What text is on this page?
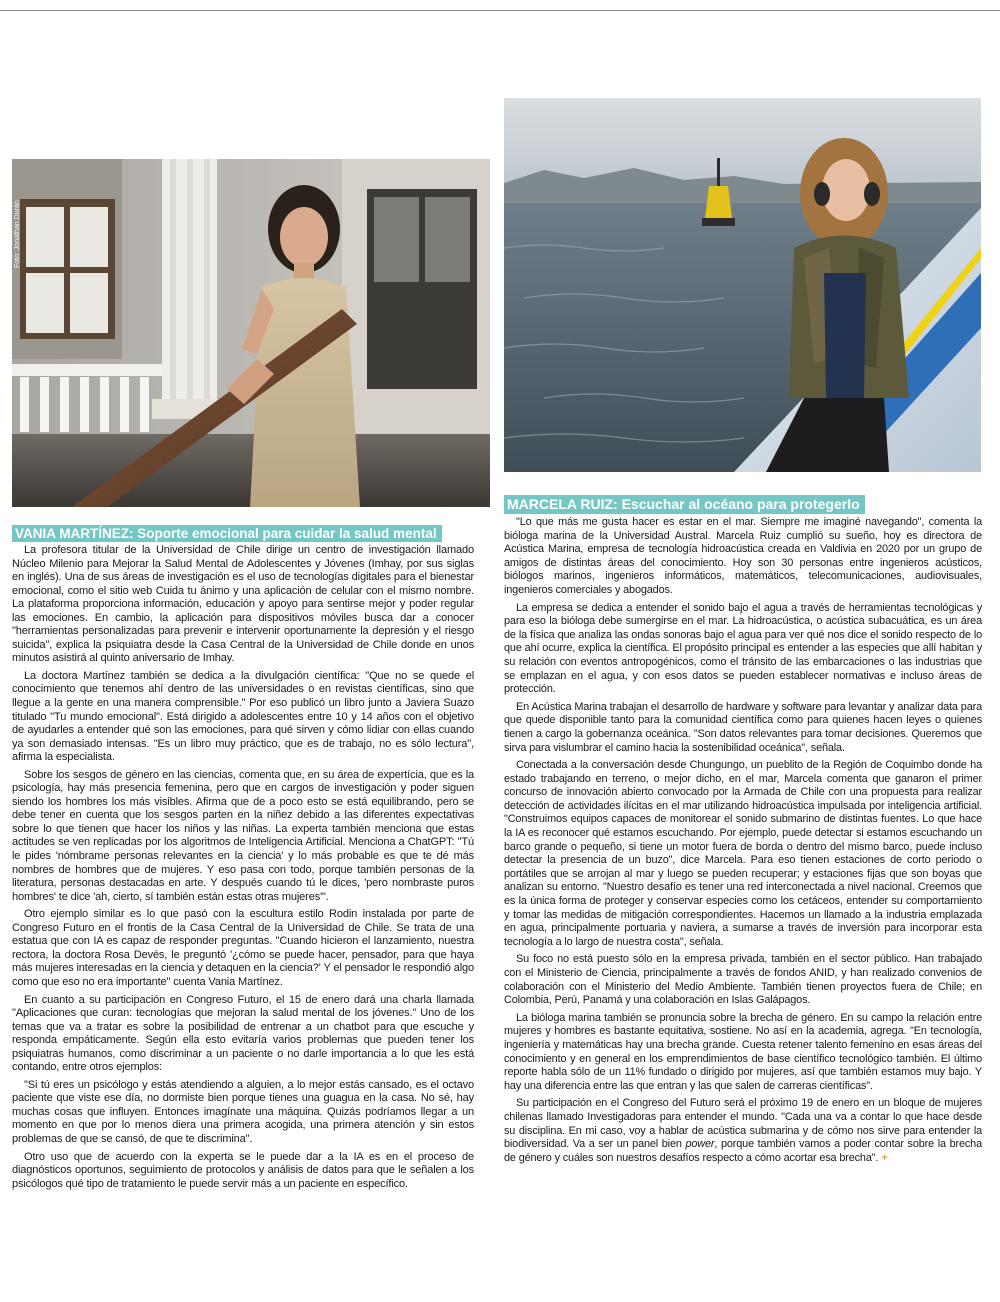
Foto: Jonathan Durán
VANIA MARTÍNEZ: Soporte emocional para cuidar la salud mental

La profesora titular de la Universidad de Chile dirige un centro de investigación llamado Núcleo Milenio para Mejorar la Salud Mental de Adolescentes y Jóvenes (Imhay, por sus siglas en inglés). Una de sus áreas de investigación es el uso de tecnologías digitales para el bienestar emocional, como el sitio web Cuida tu ánimo y una aplicación de celular con el mismo nombre. La plataforma proporciona información, educación y apoyo para sentirse mejor y poder regular las emociones. En cambio, la aplicación para dispositivos móviles busca dar a conocer "herramientas personalizadas para prevenir e intervenir oportunamente la depresión y el riesgo suicida", explica la psiquiatra desde la Casa Central de la Universidad de Chile donde en unos minutos asistirá al quinto aniversario de Imhay.

La doctora Martínez también se dedica a la divulgación científica: "Que no se quede el conocimiento que tenemos ahí dentro de las universidades o en revistas científicas, sino que llegue a la gente en una manera comprensible." Por eso publicó un libro junto a Javiera Suazo titulado "Tu mundo emocional". Está dirigido a adolescentes entre 10 y 14 años con el objetivo de ayudarles a entender qué son las emociones, para qué sirven y cómo lidiar con ellas cuando ya son demasiado intensas. "Es un libro muy práctico, que es de trabajo, no es sólo lectura", afirma la especialista.

Sobre los sesgos de género en las ciencias, comenta que, en su área de expertícia, que es la psicología, hay más presencia femenina, pero que en cargos de investigación y poder siguen siendo los hombres los más visibles. Afirma que de a poco esto se está equilibrando, pero se debe tener en cuenta que los sesgos parten en la niñez debido a las diferentes expectativas sobre lo que tienen que hacer los niños y las niñas. La experta también menciona que estas actitudes se ven replicadas por los algoritmos de Inteligencia Artificial. Menciona a ChatGPT: "Tú le pides 'nómbrame personas relevantes en la ciencia' y lo más probable es que te dé más nombres de hombres que de mujeres. Y eso pasa con todo, porque también personas de la literatura, personas destacadas en arte. Y después cuando tú le dices, 'pero nombraste puros hombres' te dice 'ah, cierto, sí también están estas otras mujeres'".

Otro ejemplo similar es lo que pasó con la escultura estilo Rodin instalada por parte de Congreso Futuro en el frontis de la Casa Central de la Universidad de Chile. Se trata de una estatua que con IA es capaz de responder preguntas. "Cuando hicieron el lanzamiento, nuestra rectora, la doctora Rosa Devés, le preguntó '¿cómo se puede hacer, pensador, para que haya más mujeres interesadas en la ciencia y detaquen en la ciencia?' Y el pensador le respondió algo como que eso no era importante" cuenta Vania Martínez.

En cuanto a su participación en Congreso Futuro, el 15 de enero dará una charla llamada "Aplicaciones que curan: tecnologías que mejoran la salud mental de los jóvenes." Uno de los temas que va a tratar es sobre la posibilidad de entrenar a un chatbot para que escuche y responda empáticamente. Según ella esto evitaría varios problemas que pueden tener los psiquiatras humanos, como discriminar a un paciente o no darle importancia a lo que les está contando, entre otros ejemplos:

"Si tú eres un psicólogo y estás atendiendo a alguien, a lo mejor estás cansado, es el octavo paciente que viste ese día, no dormiste bien porque tienes una guagua en la casa. No sé, hay muchas cosas que influyen. Entonces imagínate una máquina. Quizás podríamos llegar a un momento en que por lo menos diera una primera acogida, una primera atención y sin estos problemas de que se cansó, de que te discrimina".

Otro uso que de acuerdo con la experta se le puede dar a la IA es en el proceso de diagnósticos oportunos, seguimiento de protocolos y análisis de datos para que le señalen a los psicólogos qué tipo de tratamiento le puede servir más a un paciente en específico.

MARCELA RUIZ: Escuchar al océano para protegerlo

"Lo que más me gusta hacer es estar en el mar. Siempre me imaginé navegando", comenta la bióloga marina de la Universidad Austral. Marcela Ruiz cumplió su sueño, hoy es directora de Acústica Marina, empresa de tecnología hidroacústica creada en Valdivia en 2020 por un grupo de amigos de distintas áreas del conocimiento. Hoy son 30 personas entre ingenieros acústicos, biólogos marinos, ingenieros informáticos, matemáticos, telecomunicaciones, audiovisuales, ingenieros comerciales y abogados.

La empresa se dedica a entender el sonido bajo el agua a través de herramientas tecnológicas y para eso la bióloga debe sumergirse en el mar. La hidroacústica, o acústica subacuática, es un área de la física que analiza las ondas sonoras bajo el agua para ver qué nos dice el sonido respecto de lo que ahí ocurre, explica la científica. El propósito principal es entender a las especies que allí habitan y su relación con eventos antropogénicos, como el tránsito de las embarcaciones o las industrias que se emplazan en el agua, y con esos datos se pueden establecer normativas e incluso áreas de protección.

En Acústica Marina trabajan el desarrollo de hardware y software para levantar y analizar data para que quede disponible tanto para la comunidad científica como para quienes hacen leyes o quienes tienen a cargo la gobernanza oceánica. "Son datos relevantes para tomar decisiones. Queremos que sirva para vislumbrar el camino hacia la sostenibilidad oceánica", señala.

Conectada a la conversación desde Chungungo, un pueblito de la Región de Coquimbo donde ha estado trabajando en terreno, o mejor dicho, en el mar, Marcela comenta que ganaron el primer concurso de innovación abierto convocado por la Armada de Chile con una propuesta para realizar detección de actividades ilícitas en el mar utilizando hidroacústica impulsada por inteligencia artificial. "Construimos equipos capaces de monitorear el sonido submarino de distintas fuentes. Lo que hace la IA es reconocer qué estamos escuchando. Por ejemplo, puede detectar si estamos escuchando un barco grande o pequeño, si tiene un motor fuera de borda o dentro del mismo barco, puede incluso detectar la presencia de un buzo", dice Marcela. Para eso tienen estaciones de corto periodo o portátiles que se arrojan al mar y luego se pueden recuperar; y estaciones fijas que son boyas que analizan su entorno. "Nuestro desafío es tener una red interconectada a nivel nacional. Creemos que es la única forma de proteger y conservar especies como los cetáceos, entender su comportamiento y tomar las medidas de mitigación correspondientes. Hacemos un llamado a la industria emplazada en agua, principalmente portuaria y naviera, a sumarse a través de inversión para incorporar esta tecnología a lo largo de nuestra costa", señala.

Su foco no está puesto sólo en la empresa privada, también en el sector público. Han trabajado con el Ministerio de Ciencia, principalmente a través de fondos ANID, y han realizado convenios de colaboración con el Ministerio del Medio Ambiente. También tienen proyectos fuera de Chile; en Colombia, Perú, Panamá y una colaboración en Islas Galápagos.

La bióloga marina también se pronuncia sobre la brecha de género. En su campo la relación entre mujeres y hombres es bastante equitativa, sostiene. No así en la academia, agrega. "En tecnología, ingeniería y matemáticas hay una brecha grande. Cuesta retener talento femenino en esas áreas del conocimiento y en general en los emprendimientos de base científico tecnológico también. El último reporte habla sólo de un 11% fundado o dirigido por mujeres, así que también estamos muy bajo. Y hay una diferencia entre las que entran y las que salen de carreras científicas".

Su participación en el Congreso del Futuro será el próximo 19 de enero en un bloque de mujeres chilenas llamado Investigadoras para entender el mundo. "Cada una va a contar lo que hace desde su disciplina. En mi caso, voy a hablar de acústica submarina y de cómo nos sirve para entender la biodiversidad. Va a ser un panel bien power, porque también vamos a poder contar sobre la brecha de género y cuáles son nuestros desafíos respecto a cómo acortar esa brecha". +
